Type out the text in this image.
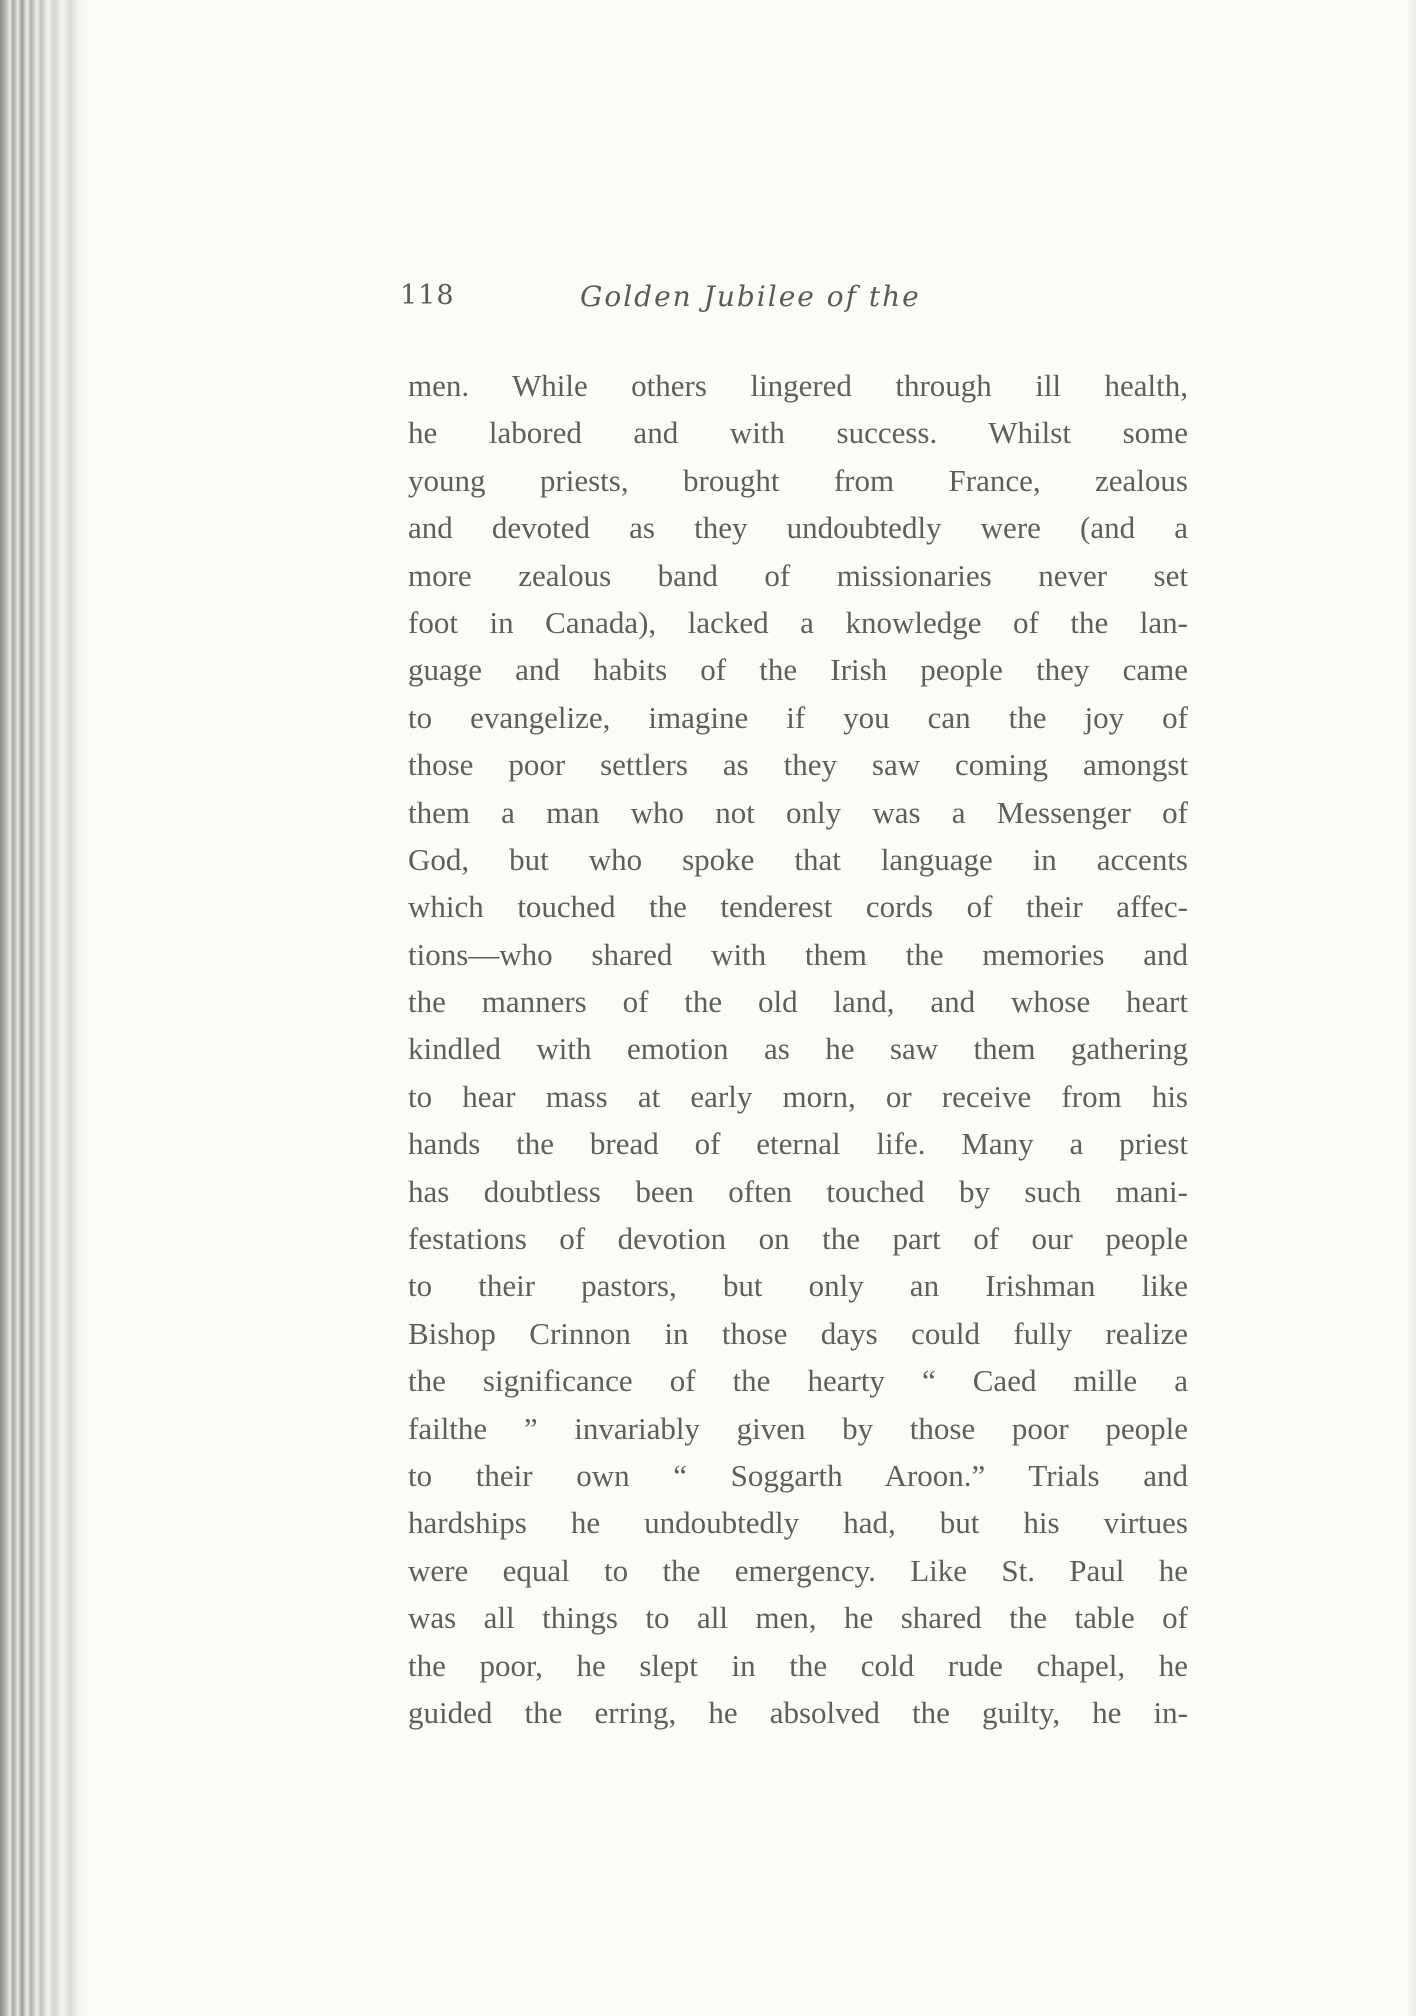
118	Golden Jubilee of the
men. While others lingered through ill health,
he labored and with success. Whilst some
young priests, brought from France, zealous
and devoted as they undoubtedly were (and a
more zealous band of missionaries never set
foot in Canada), lacked a knowledge of the lan-
guage and habits of the Irish people they came
to evangelize, imagine if you can the joy of
those poor settlers as they saw coming amongst
them a man who not only was a Messenger of
God, but who spoke that language in accents
which touched the tenderest cords of their affec-
tions—who shared with them the memories and
the manners of the old land, and whose heart
kindled with emotion as he saw them gathering
to hear mass at early morn, or receive from his
hands the bread of eternal life. Many a priest
has doubtless been often touched by such mani-
festations of devotion on the part of our people
to their pastors, but only an Irishman like
Bishop Crinnon in those days could fully realize
the significance of the hearty “ Caed mille a
failthe ” invariably given by those poor people
to their own “ Soggarth Aroon.” Trials and
hardships he undoubtedly had, but his virtues
were equal to the emergency. Like St. Paul he
was all things to all men, he shared the table of
the poor, he slept in the cold rude chapel, he
guided the erring, he absolved the guilty, he in-
